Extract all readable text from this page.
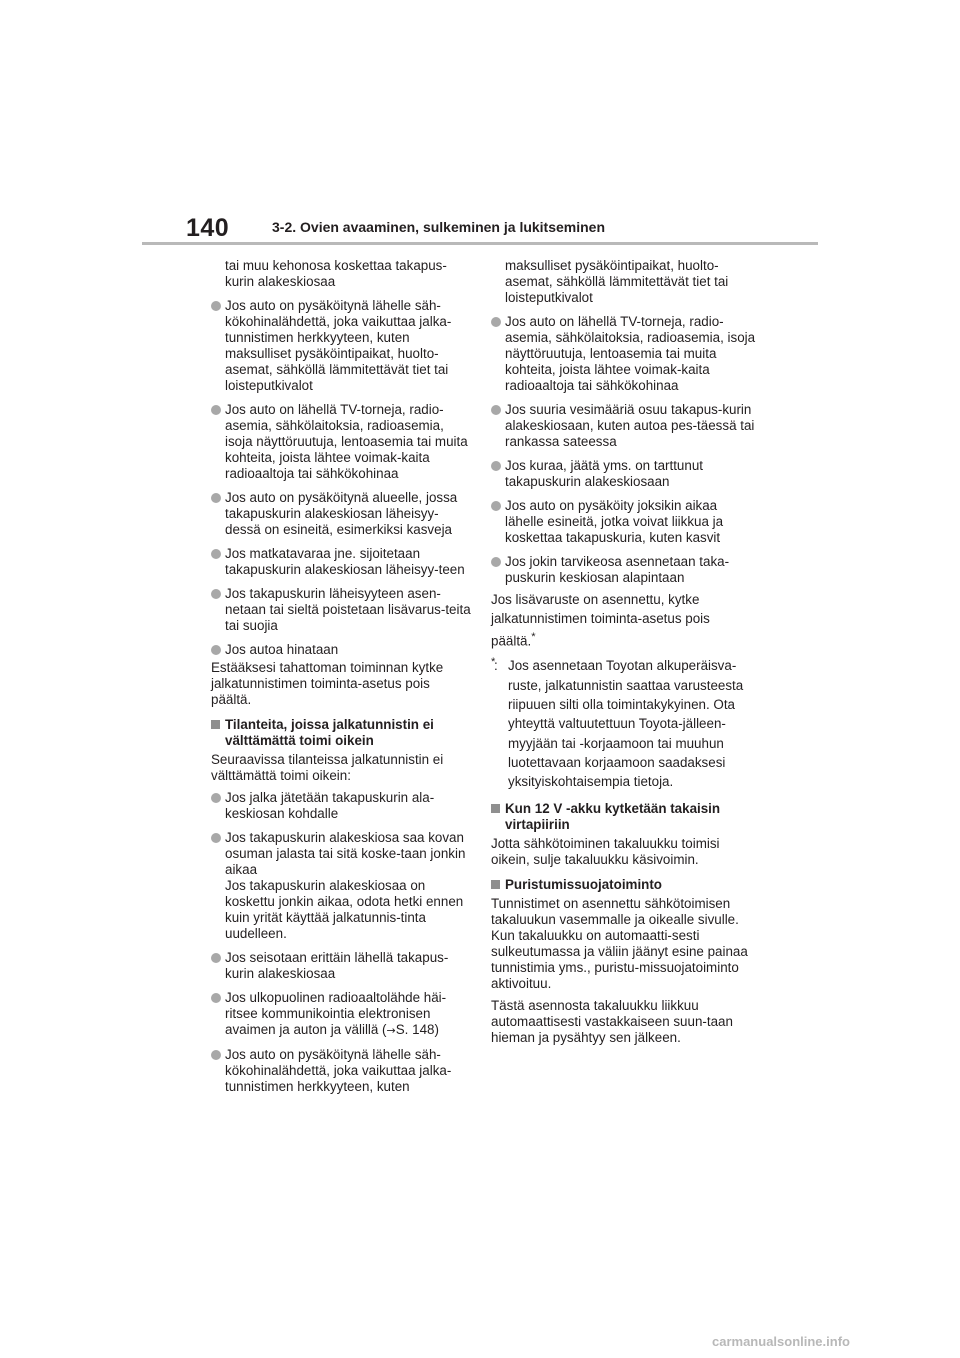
140	3-2. Ovien avaaminen, sulkeminen ja lukitseminen
tai muu kehonosa koskettaa takapus-kurin alakeskiosaa
Jos auto on pysäköitynä lähelle säh-kökohinalähdettä, joka vaikuttaa jalka-tunnistimen herkkyyteen, kuten maksulliset pysäköintipaikat, huolto-asemat, sähköllä lämmitettävät tiet tai loisteputkivalot
Jos auto on lähellä TV-torneja, radio-asemia, sähkölaitoksia, radioasemia, isoja näyttöruutuja, lentoasemia tai muita kohteita, joista lähtee voimak-kaita radioaaltoja tai sähkökohinaa
Jos auto on pysäköitynä alueelle, jossa takapuskurin alakeskiosan läheisyy-dessä on esineitä, esimerkiksi kasveja
Jos matkatavaraa jne. sijoitetaan takapuskurin alakeskiosan läheisyy-teen
Jos takapuskurin läheisyyteen asen-netaan tai sieltä poistetaan lisävarus-teita tai suojia
Jos autoa hinataan
Estääksesi tahattoman toiminnan kytke jalkatunnistimen toiminta-asetus pois päältä.
Tilanteita, joissa jalkatunnistin ei välttämättä toimi oikein
Seuraavissa tilanteissa jalkatunnistin ei välttämättä toimi oikein:
Jos jalka jätetään takapuskurin ala-keskiosan kohdalle
Jos takapuskurin alakeskiosa saa kovan osuman jalasta tai sitä koske-taan jonkin aikaa
Jos takapuskurin alakeskiosaa on koskettu jonkin aikaa, odota hetki ennen kuin yrität käyttää jalkatunnis-tinta uudelleen.
Jos seisotaan erittäin lähellä takapus-kurin alakeskiosaa
Jos ulkopuolinen radioaaltolähde häi-ritsee kommunikointia elektronisen avaimen ja auton ja välillä (→S. 148)
Jos auto on pysäköitynä lähelle säh-kökohinalähdettä, joka vaikuttaa jalka-tunnistimen herkkyyteen, kuten
maksulliset pysäköintipaikat, huolto-asemat, sähköllä lämmitettävät tiet tai loisteputkivalot
Jos auto on lähellä TV-torneja, radio-asemia, sähkölaitoksia, radioasemia, isoja näyttöruutuja, lentoasemia tai muita kohteita, joista lähtee voimak-kaita radioaaltoja tai sähkökohinaa
Jos suuria vesimääriä osuu takapus-kurin alakeskiosaan, kuten autoa pes-täessä tai rankassa sateessa
Jos kuraa, jäätä yms. on tarttunut takapuskurin alakeskiosaan
Jos auto on pysäköity joksikin aikaa lähelle esineitä, jotka voivat liikkua ja koskettaa takapuskuria, kuten kasvit
Jos jokin tarvikeosa asennetaan taka-puskurin keskiosan alapintaan
Jos lisävaruste on asennettu, kytke jalkatunnistimen toiminta-asetus pois päältä.*
*
: Jos asennetaan Toyotan alkuperäisva-ruste, jalkatunnistin saattaa varusteesta riipuuen silti olla toimintakykyinen. Ota yhteyttä valtuutettuun Toyota-jälleen-myyjään tai -korjaamoon tai muuhun luotettavaan korjaamoon saadaksesi yksityiskohtaisempia tietoja.
Kun 12 V -akku kytketään takaisin virtapiiriin
Jotta sähkötoiminen takaluukku toimisi oikein, sulje takaluukku käsivoimin.
Puristumissuojatoiminto
Tunnistimet on asennettu sähkötoimisen takaluukun vasemmalle ja oikealle sivulle. Kun takaluukku on automaatti-sesti sulkeutumassa ja väliin jäänyt esine painaa tunnistimia yms., puristu-missuojatoiminto aktivoituu.
Tästä asennosta takaluukku liikkuu automaattisesti vastakkaiseen suun-taan hieman ja pysähtyy sen jälkeen.
carmanualsonline.info
